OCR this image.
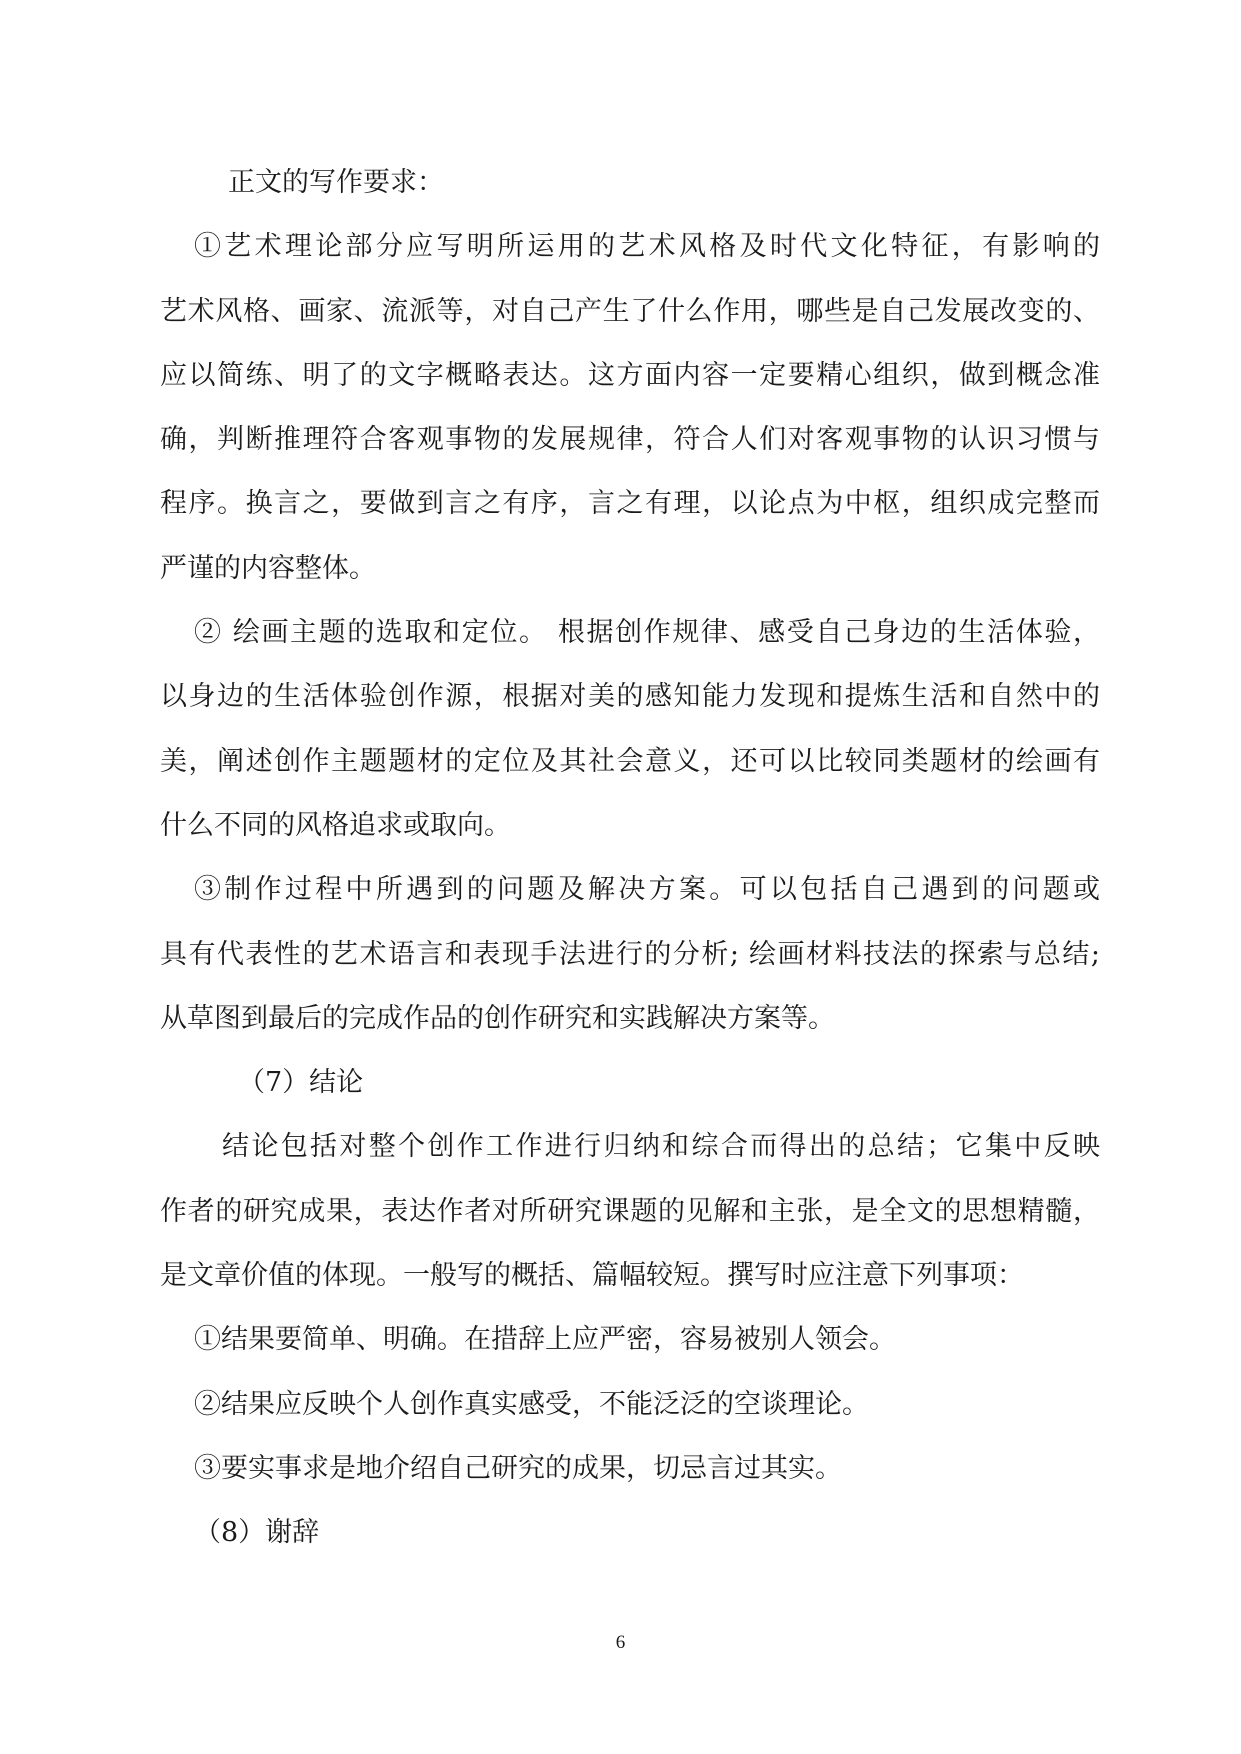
正文的写作要求：
①艺术理论部分应写明所运用的艺术风格及时代文化特征，有影响的
艺术风格、画家、流派等，对自己产生了什么作用，哪些是自己发展改变的、
应以简练、明了的文字概略表达。这方面内容一定要精心组织，做到概念准
确，判断推理符合客观事物的发展规律，符合人们对客观事物的认识习惯与
程序。换言之，要做到言之有序，言之有理，以论点为中枢，组织成完整而
严谨的内容整体。
② 绘画主题的选取和定位。 根据创作规律、感受自己身边的生活体验，
以身边的生活体验创作源，根据对美的感知能力发现和提炼生活和自然中的
美，阐述创作主题题材的定位及其社会意义，还可以比较同类题材的绘画有
什么不同的风格追求或取向。
③制作过程中所遇到的问题及解决方案。可以包括自己遇到的问题或
具有代表性的艺术语言和表现手法进行的分析; 绘画材料技法的探索与总结;
从草图到最后的完成作品的创作研究和实践解决方案等。
（7）结论
结论包括对整个创作工作进行归纳和综合而得出的总结；它集中反映
作者的研究成果，表达作者对所研究课题的见解和主张，是全文的思想精髓，
是文章价值的体现。一般写的概括、篇幅较短。撰写时应注意下列事项：
①结果要简单、明确。在措辞上应严密，容易被别人领会。
②结果应反映个人创作真实感受，不能泛泛的空谈理论。
③要实事求是地介绍自己研究的成果，切忌言过其实。
（8）谢辞
6
